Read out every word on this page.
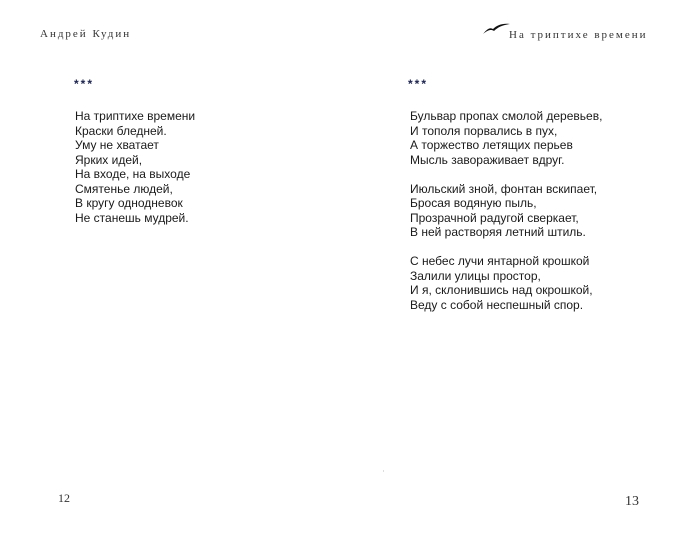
Андрей Кудин
***
На триптихе времени
Краски бледней.
Уму не хватает
Ярких идей,
На входе, на выходе
Смятенье людей,
В кругу однодневок
Не станешь мудрей.
12
На триптихе времени
***
Бульвар пропах смолой деревьев,
И тополя порвались в пух,
А торжество летящих перьев
Мысль завораживает вдруг.
Июльский зной, фонтан вскипает,
Бросая водяную пыль,
Прозрачной радугой сверкает,
В ней растворяя летний штиль.
С небес лучи янтарной крошкой
Залили улицы простор,
И я, склонившись над окрошкой,
Веду с собой неспешный спор.
13
